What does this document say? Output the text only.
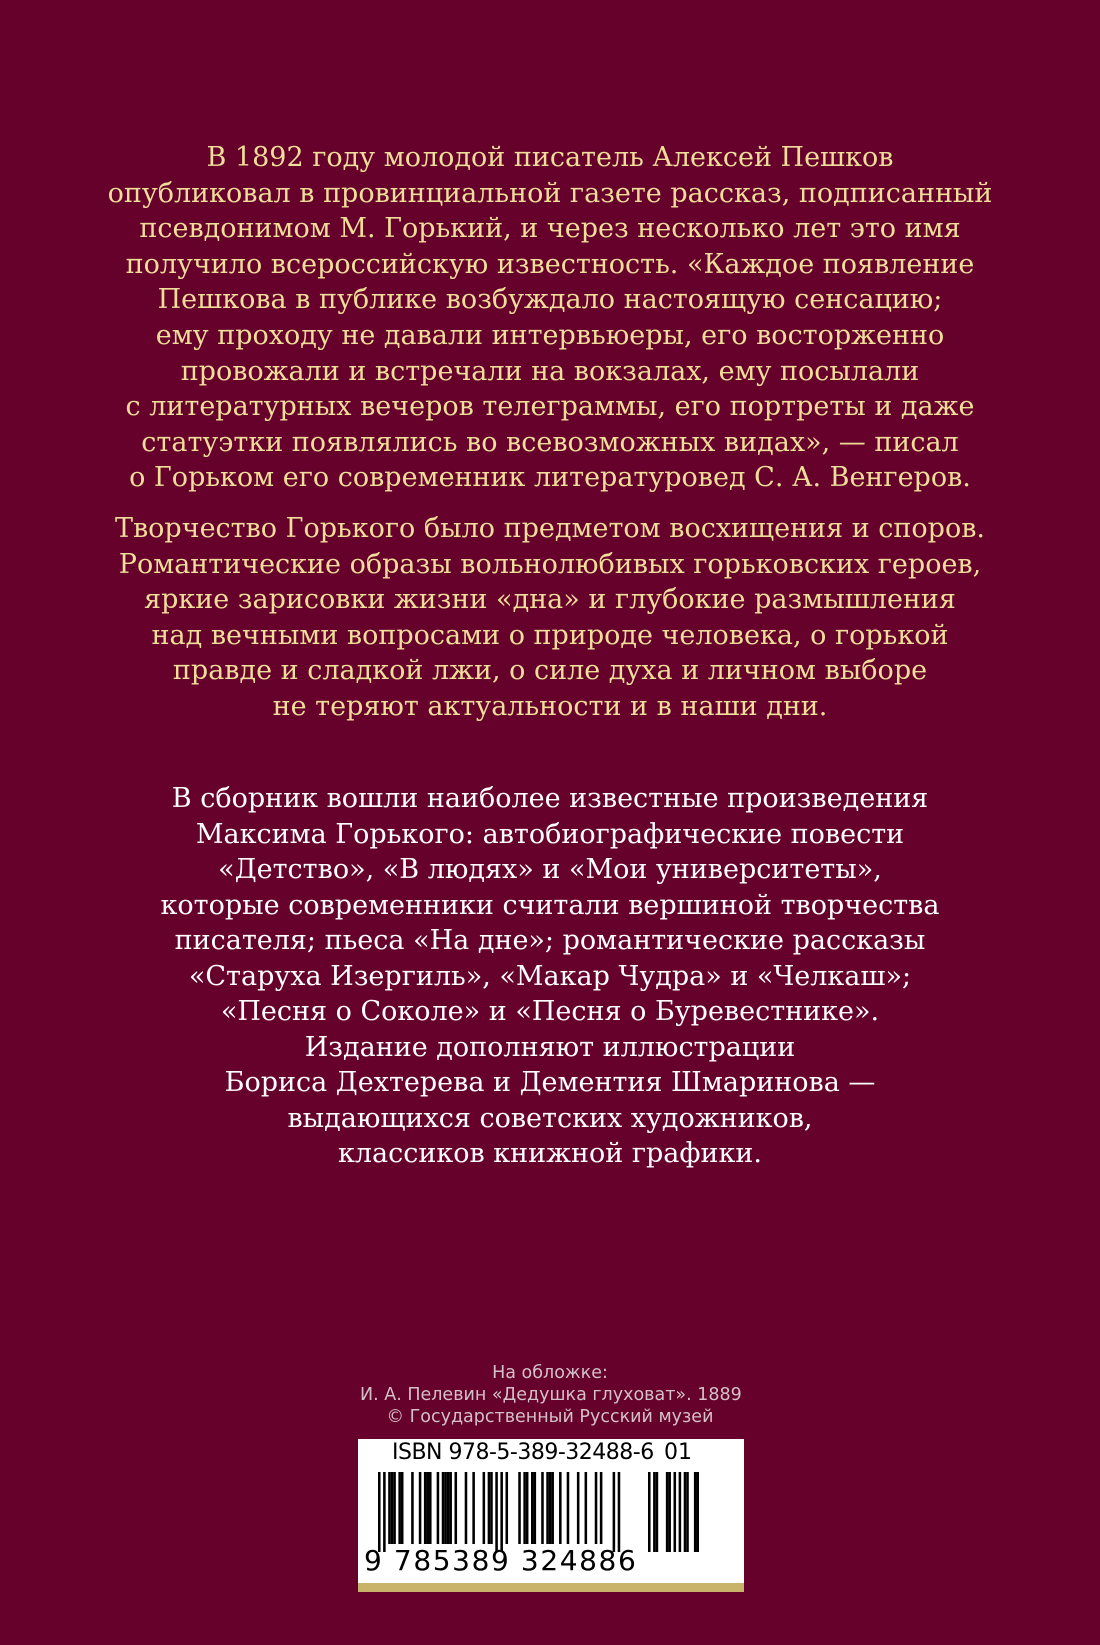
В 1892 году молодой писатель Алексей Пешков
опубликовал в провинциальной газете рассказ, подписанный
псевдонимом М. Горький, и через несколько лет это имя
получило всероссийскую известность. «Каждое появление
Пешкова в публике возбуждало настоящую сенсацию;
ему проходу не давали интервьюеры, его восторженно
провожали и встречали на вокзалах, ему посылали
с литературных вечеров телеграммы, его портреты и даже
статуэтки появлялись во всевозможных видах», — писал
о Горьком его современник литературовед С. А. Венгеров.
Творчество Горького было предметом восхищения и споров.
Романтические образы вольнолюбивых горьковских героев,
яркие зарисовки жизни «дна» и глубокие размышления
над вечными вопросами о природе человека, о горькой
правде и сладкой лжи, о силе духа и личном выборе
не теряют актуальности и в наши дни.
В сборник вошли наиболее известные произведения
Максима Горького: автобиографические повести
«Детство», «В людях» и «Мои университеты»,
которые современники считали вершиной творчества
писателя; пьеса «На дне»; романтические рассказы
«Старуха Изергиль», «Макар Чудра» и «Челкаш»;
«Песня о Соколе» и «Песня о Буревестнике».
Издание дополняют иллюстрации
Бориса Дехтерева и Дементия Шмаринова —
выдающихся советских художников,
классиков книжной графики.
На обложке:
И. А. Пелевин «Дедушка глуховат». 1889
© Государственный Русский музей
ISBN 978-5-389-32488-6 01
9 785389 324886
